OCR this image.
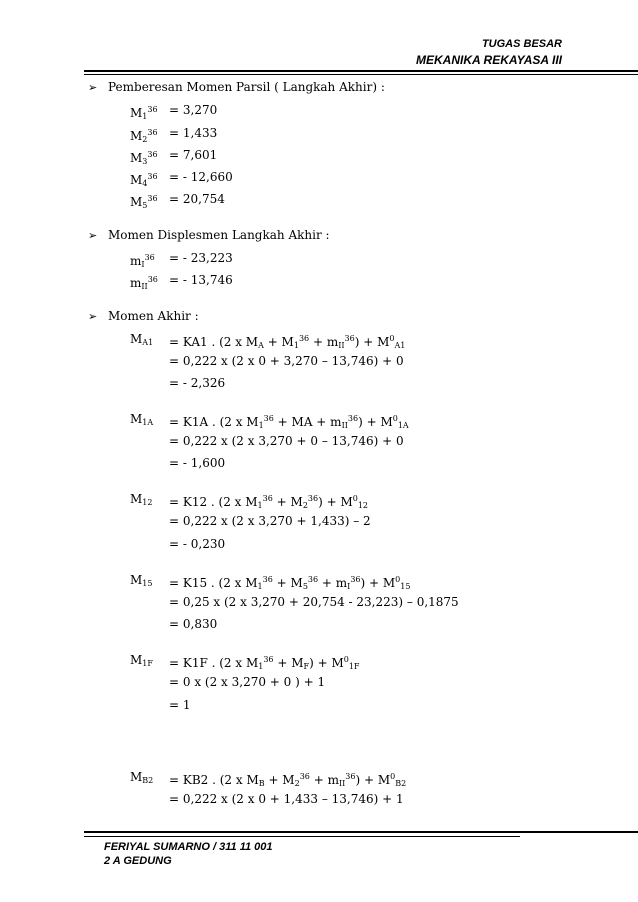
TUGAS BESAR
MEKANIKA REKAYASA III
➢ Pemberesan Momen Parsil ( Langkah Akhir) :
$M_1^{36} = 3,270$
$M_2^{36} = 1,433$
$M_3^{36} = 7,601$
$M_4^{36}$ = - 12,660
$M_5^{36} = 20,754$
➢ Momen Displesmen Langkah Akhir :
$m_I^{36}$ = - 23,223
$m_{II}^{36}$ = - 13,746
➢ Momen Akhir :
$M_{A1} = KA1$ . (2 x $M_A + M_1^{36} + m_{II}^{36}) + M^0_{A1}$
= 0,222 x (2 x 0 + 3,270 – 13,746) + 0
= - 2,326
$M_{1A} = K1A$ . (2 x $M_1^{36}$ + MA + $m_{II}^{36}) + M^0_{1A}$
= 0,222 x (2 x 3,270 + 0 – 13,746) + 0
= - 1,600
$M_{12} = K12$ . (2 x $M_1^{36} + M_2^{36}) + M^0_{12}$
= 0,222 x (2 x 3,270 + 1,433) – 2
= - 0,230
$M_{15} = K15$ . (2 x $M_1^{36} + M_5^{36} + m_I^{36}) + M^0_{15}$
= 0,25 x (2 x 3,270 + 20,754 - 23,223) – 0,1875
= 0,830
$M_{1F} = K1F$ . (2 x $M_1^{36} + M_F) + M^0_{1F}$
= 0 x (2 x 3,270 + 0 ) + 1
= 1
$M_{B2} = KB2$ . (2 x $M_B + M_2^{36} + m_{II}^{36}) + M^0_{B2}$
= 0,222 x (2 x 0 + 1,433 – 13,746) + 1
FERIYAL SUMARNO / 311 11 001
2 A GEDUNG
